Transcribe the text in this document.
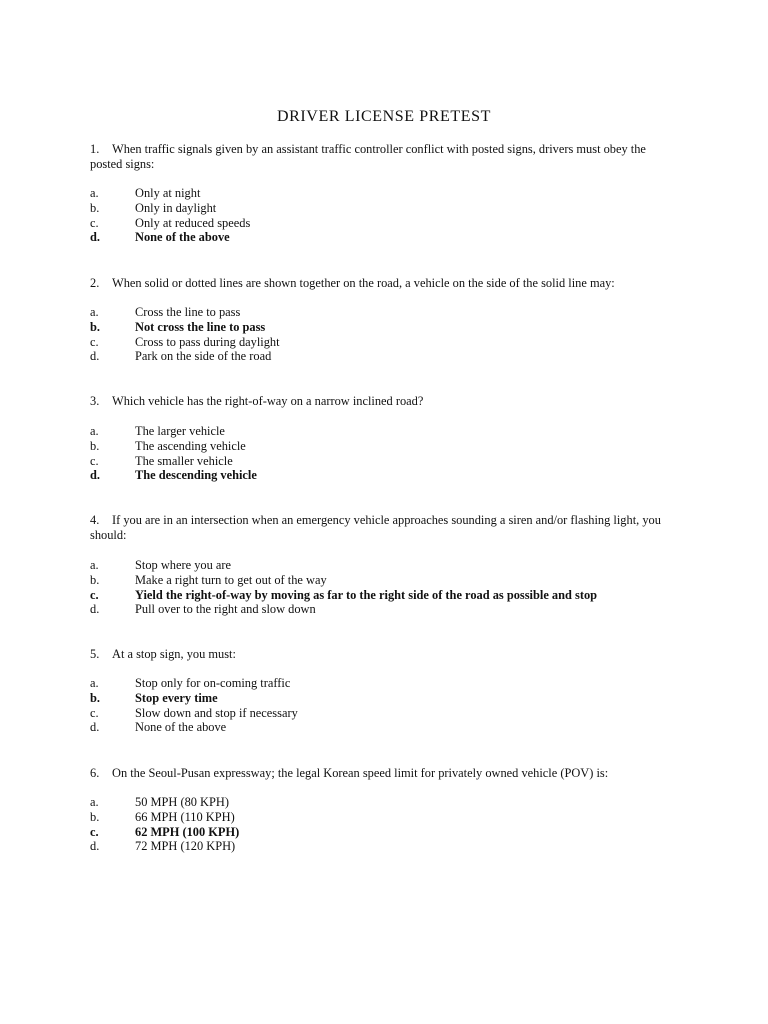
DRIVER LICENSE PRETEST
1. When traffic signals given by an assistant traffic controller conflict with posted signs, drivers must obey the posted signs:
a.	Only at night
b.	Only in daylight
c.	Only at reduced speeds
d.	None of the above
2. When solid or dotted lines are shown together on the road, a vehicle on the side of the solid line may:
a.	Cross the line to pass
b.	Not cross the line to pass
c.	Cross to pass during daylight
d.	Park on the side of the road
3. Which vehicle has the right-of-way on a narrow inclined road?
a.	The larger vehicle
b.	The ascending vehicle
c.	The smaller vehicle
d.	The descending vehicle
4. If you are in an intersection when an emergency vehicle approaches sounding a siren and/or flashing light, you should:
a.	Stop where you are
b.	Make a right turn to get out of the way
c.	Yield the right-of-way by moving as far to the right side of the road as possible and stop
d.	Pull over to the right and slow down
5. At a stop sign, you must:
a.	Stop only for on-coming traffic
b.	Stop every time
c.	Slow down and stop if necessary
d.	None of the above
6. On the Seoul-Pusan expressway; the legal Korean speed limit for privately owned vehicle (POV) is:
a.	50 MPH (80 KPH)
b.	66 MPH (110 KPH)
c.	62 MPH (100 KPH)
d.	72 MPH (120 KPH)
